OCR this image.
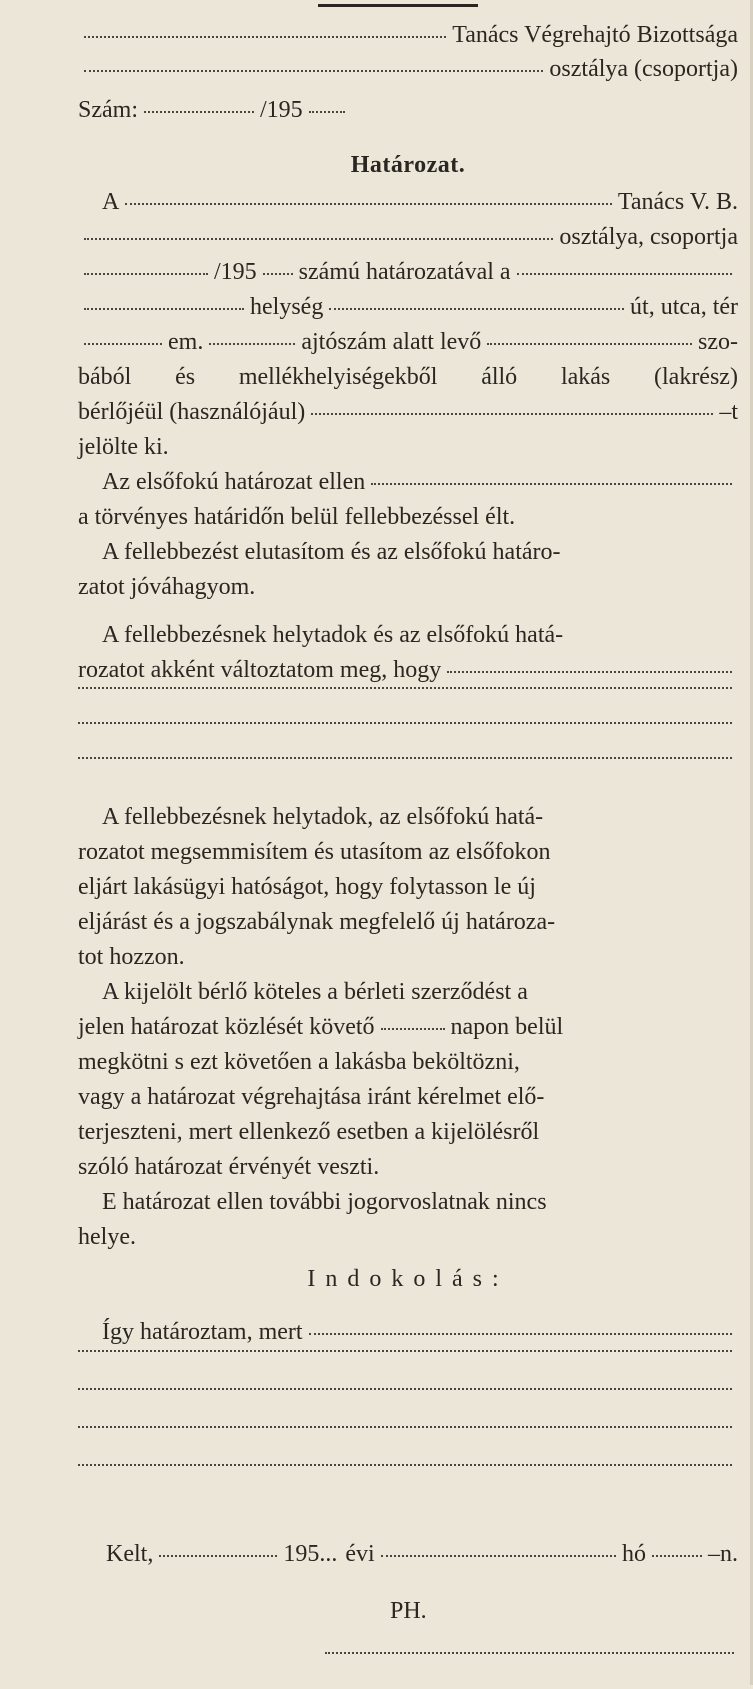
Tanács Végrehajtó Bizottsága
osztálya (csoportja)
Szám:	/195
Határozat.
A	Tanács V. B.
osztálya, csoportja
/195 számú határozatával a
helység	út, utca, tér
em.	ajtószám alatt levő	szo-
bából és mellékhelyiségekből álló lakás (lakrész)
bérlőjéül (használójául)	–t
jelölte ki.
Az elsőfokú határozat ellen
a törvényes határidőn belül fellebbezéssel élt.
A fellebbezést elutasítom és az elsőfokú határo-
zatot jóváhagyom.
A fellebbezésnek helytadok és az elsőfokú hatá-
rozatot akként változtatom meg, hogy
A fellebbezésnek helytadok, az elsőfokú hatá-
rozatot megsemmisítem és utasítom az elsőfokon
eljárt lakásügyi hatóságot, hogy folytasson le új
eljárást és a jogszabálynak megfelelő új határoza-
tot hozzon.
A kijelölt bérlő köteles a bérleti szerződést a
jelen határozat közlését követő	napon belül
megkötni s ezt követően a lakásba beköltözni,
vagy a határozat végrehajtása iránt kérelmet elő-
terjeszteni, mert ellenkező esetben a kijelölésről
szóló határozat érvényét veszti.
E határozat ellen további jogorvoslatnak nincs
helye.
Indokolás:
Így határoztam, mert
Kelt,	195... évi	hó	–n.
PH.
